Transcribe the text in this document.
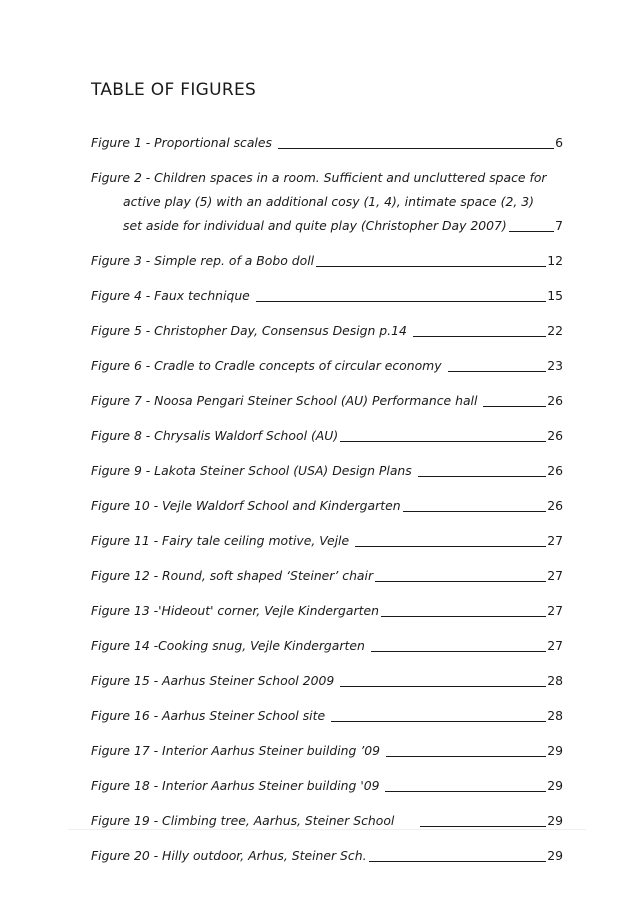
TABLE OF FIGURES
Figure 1 - Proportional scales	6
Figure 2 - Children spaces in a room. Sufficient and uncluttered space for
active play (5) with an additional cosy (1, 4), intimate space (2, 3)
set aside for individual and quite play (Christopher Day 2007)	7
Figure 3 - Simple rep. of a Bobo doll	12
Figure 4 - Faux technique	15
Figure 5 - Christopher Day, Consensus Design p.14	22
Figure 6 - Cradle to Cradle concepts of circular economy	23
Figure 7 - Noosa Pengari Steiner School (AU) Performance hall	26
Figure 8 - Chrysalis Waldorf School (AU)	26
Figure 9 - Lakota Steiner School (USA) Design Plans	26
Figure 10 - Vejle Waldorf School and Kindergarten	26
Figure 11 - Fairy tale ceiling motive, Vejle	27
Figure 12 - Round, soft shaped ‘Steiner’ chair	27
Figure 13 -'Hideout' corner, Vejle Kindergarten	27
Figure 14 -Cooking snug, Vejle Kindergarten	27
Figure 15 - Aarhus Steiner School 2009	28
Figure 16 - Aarhus Steiner School site	28
Figure 17 - Interior Aarhus Steiner building ’09	29
Figure 18 - Interior Aarhus Steiner building '09	29
Figure 19 - Climbing tree, Aarhus, Steiner School	29
Figure 20 - Hilly outdoor, Arhus, Steiner Sch.	29
